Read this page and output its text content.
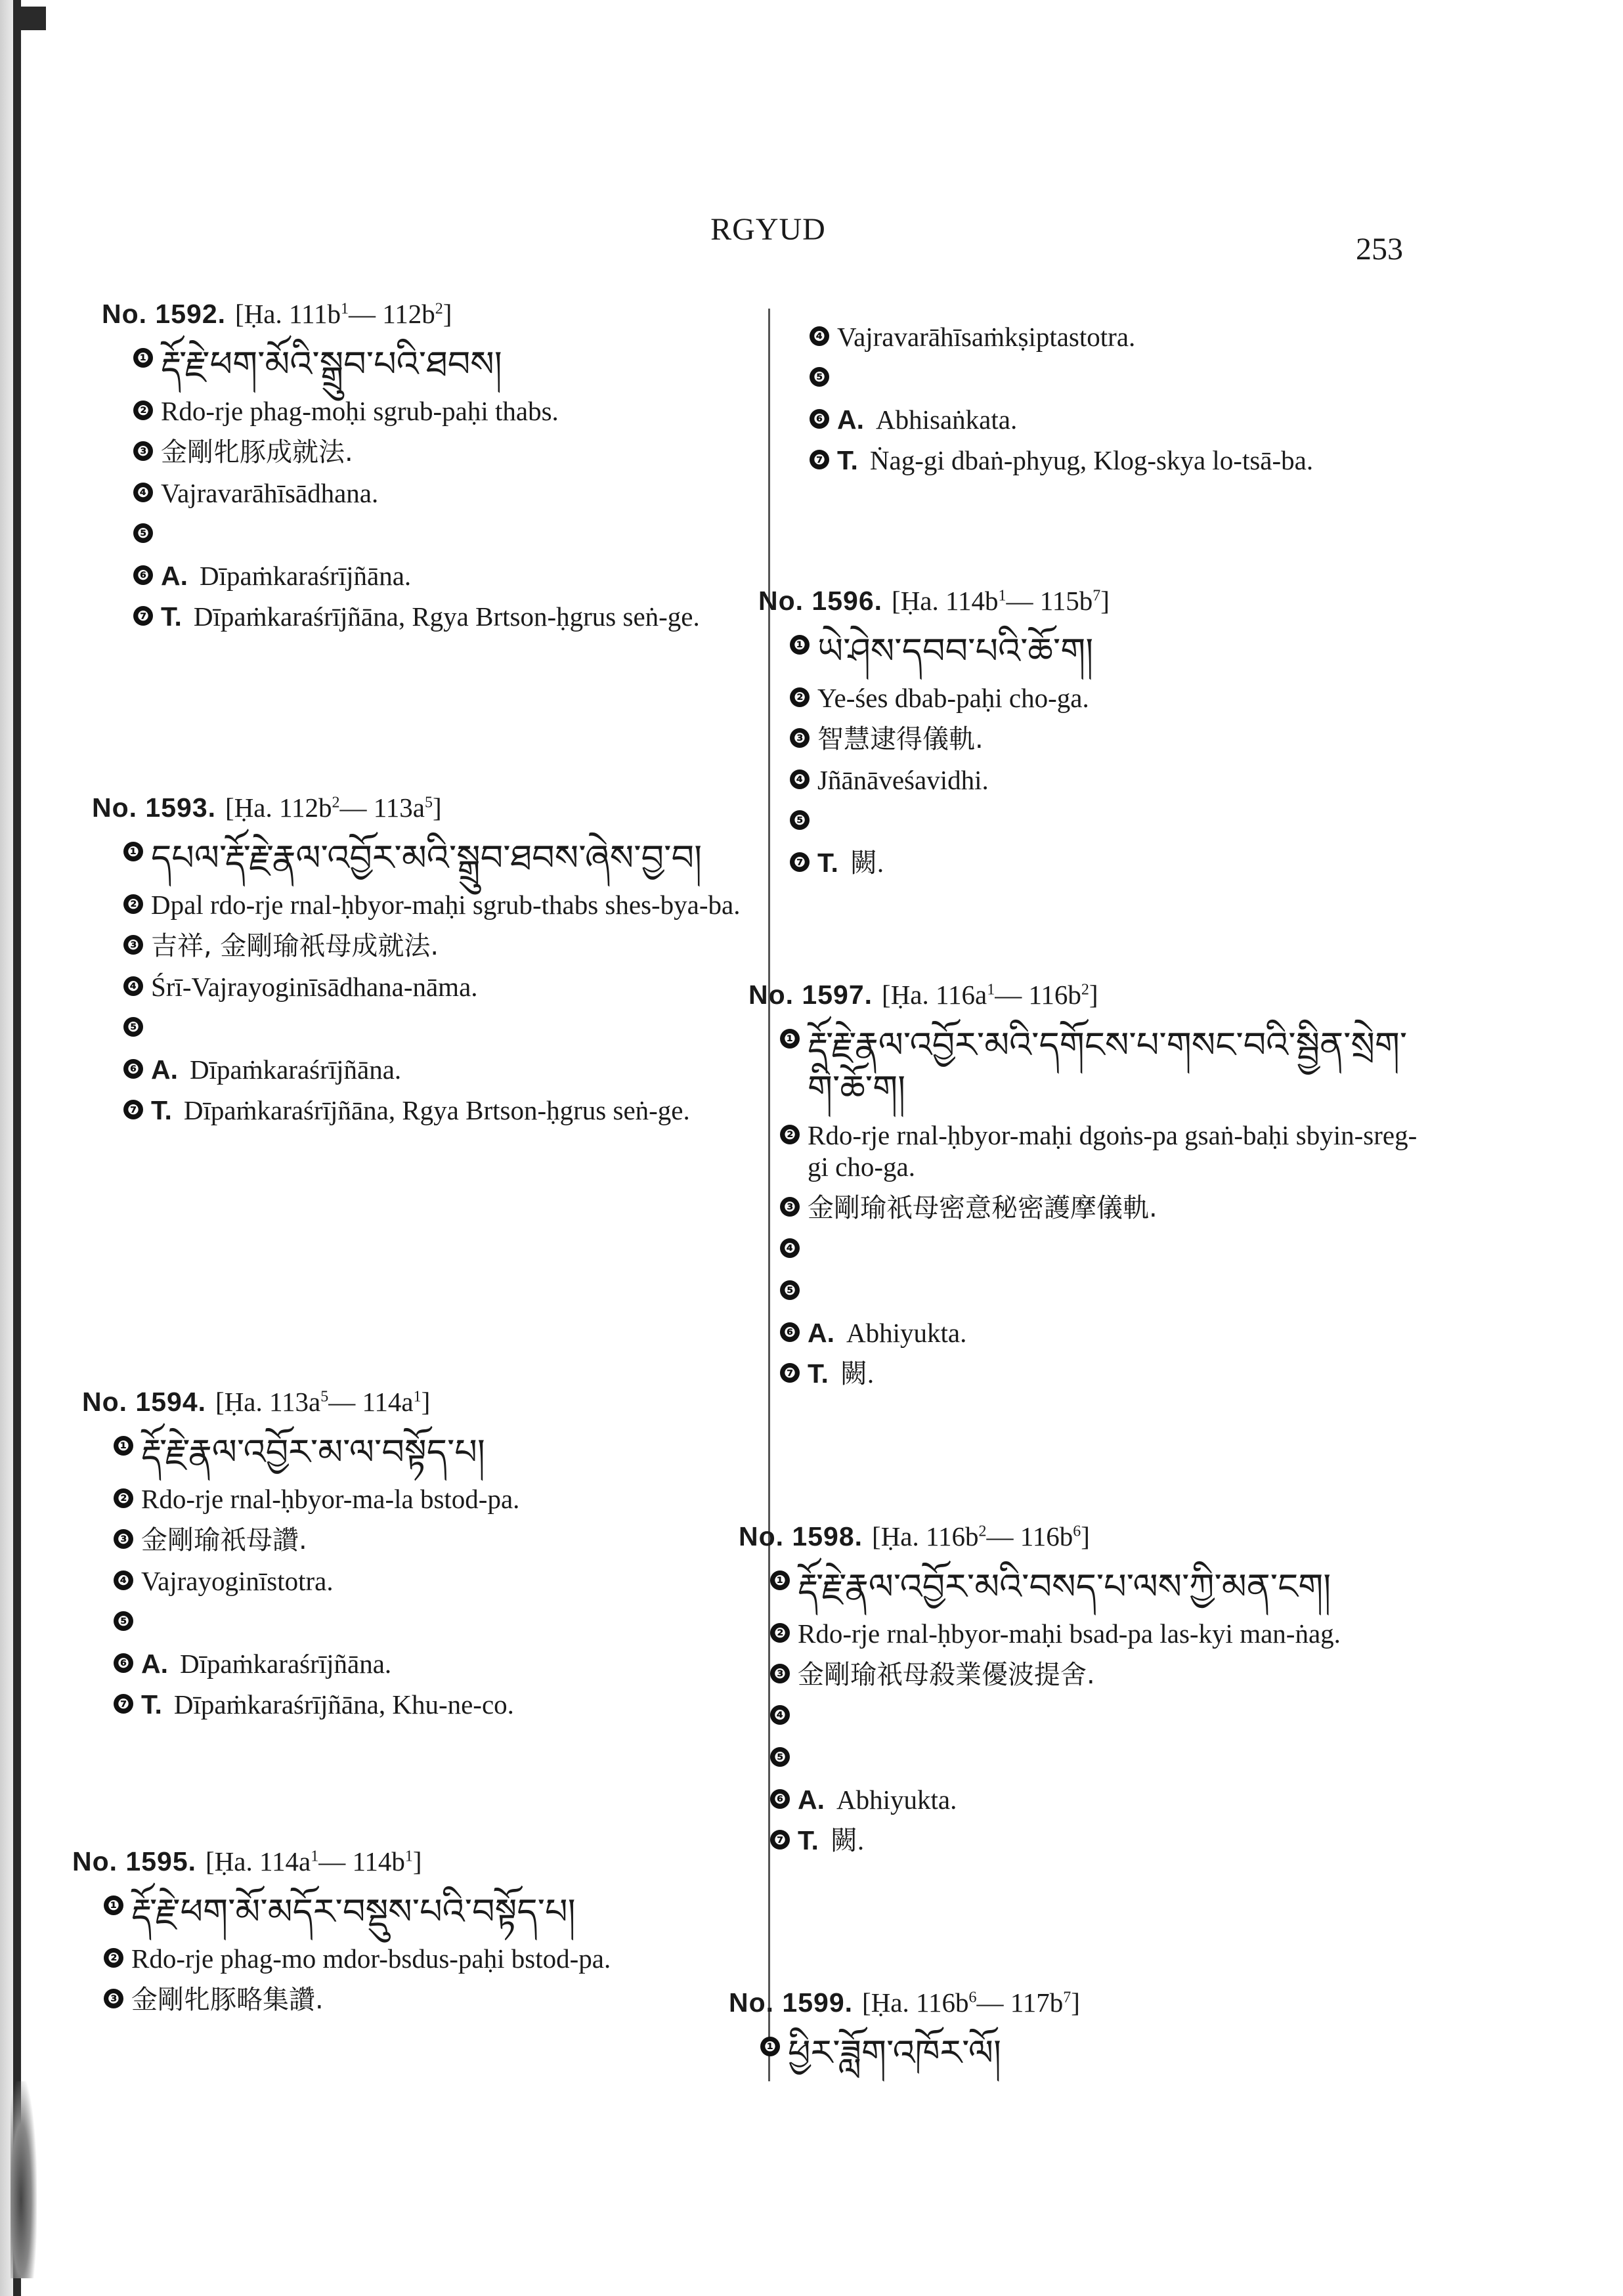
RGYUD
253
No. 1592. [Ḥa. $111b^1—$ $112b^2$]
❶ རྡོ་རྗེ་ཕག་མོའི་སྒྲུབ་པའི་ཐབས།
❷ Rdo-rje phag-moḥi sgrub-paḥi thabs.
❸ 金剛牝豚成就法.
❹ Vajravarāhīsādhana.
❺
❻ A. Dīpaṁkaraśrījñāna.
❼ T. Dīpaṁkaraśrījñāna, Rgya Brtson-ḥgrus seṅ-ge.
No. 1593. [Ḥa. $112b^2—$ $113a^5$]
❶ དཔལ་རྡོ་རྗེ་རྣལ་འབྱོར་མའི་སྒྲུབ་ཐབས་ཞེས་བྱ་བ།
❷ Dpal rdo-rje rnal-ḥbyor-maḥi sgrub-thabs shes-bya-ba.
❸ 吉祥, 金剛瑜祇母成就法.
❹ Śrī-Vajrayoginīsādhana-nāma.
❺
❻ A. Dīpaṁkaraśrījñāna.
❼ T. Dīpaṁkaraśrījñāna, Rgya Brtson-ḥgrus seṅ-ge.
No. 1594. [Ḥa. $113a^5—$ $114a^1$]
❶ རྡོ་རྗེ་རྣལ་འབྱོར་མ་ལ་བསྟོད་པ།
❷ Rdo-rje rnal-ḥbyor-ma-la bstod-pa.
❸ 金剛瑜祇母讚.
❹ Vajrayoginīstotra.
❺
❻ A. Dīpaṁkaraśrījñāna.
❼ T. Dīpaṁkaraśrījñāna, Khu-ne-co.
No. 1595. [Ḥa. $114a^1—$ $114b^1$]
❶ རྡོ་རྗེ་ཕག་མོ་མདོར་བསྡུས་པའི་བསྟོད་པ།
❷ Rdo-rje phag-mo mdor-bsdus-paḥi bstod-pa.
❸ 金剛牝豚略集讚.
❹ Vajravarāhīsaṁkṣiptastotra.
❺
❻ A. Abhisaṅkata.
❼ T. Ṅag-gi dbaṅ-phyug, Klog-skya lo-tsā-ba.
No. 1596. [Ḥa. $114b^1—$ $115b^7$]
❶ ཡེ་ཤེས་དབབ་པའི་ཆོ་ག།
❷ Ye-śes dbab-paḥi cho-ga.
❸ 智慧逮得儀軌.
❹ Jñānāveśavidhi.
❺
❼ T. 闕.
No. 1597. [Ḥa. $116a^1—$ $116b^2$]
❶ རྡོ་རྗེ་རྣལ་འབྱོར་མའི་དགོངས་པ་གསང་བའི་སྦྱིན་སྲེག་གི་ཆོ་ག།
❷ Rdo-rje rnal-ḥbyor-maḥi dgoṅs-pa gsaṅ-baḥi sbyin-sreg-gi cho-ga.
❸ 金剛瑜祇母密意秘密護摩儀軌.
❹
❺
❻ A. Abhiyukta.
❼ T. 闕.
No. 1598. [Ḥa. $116b^2—$ $116b^6$]
❶ རྡོ་རྗེ་རྣལ་འབྱོར་མའི་བསད་པ་ལས་ཀྱི་མན་ངག།
❷ Rdo-rje rnal-ḥbyor-maḥi bsad-pa las-kyi man-ṅag.
❸ 金剛瑜祇母殺業優波提舍.
❹
❺
❻ A. Abhiyukta.
❼ T. 闕.
No. 1599. [Ḥa. $116b^6—$ $117b^7$]
❶ ཕྱིར་ཟློག་འཁོར་ལོ།
